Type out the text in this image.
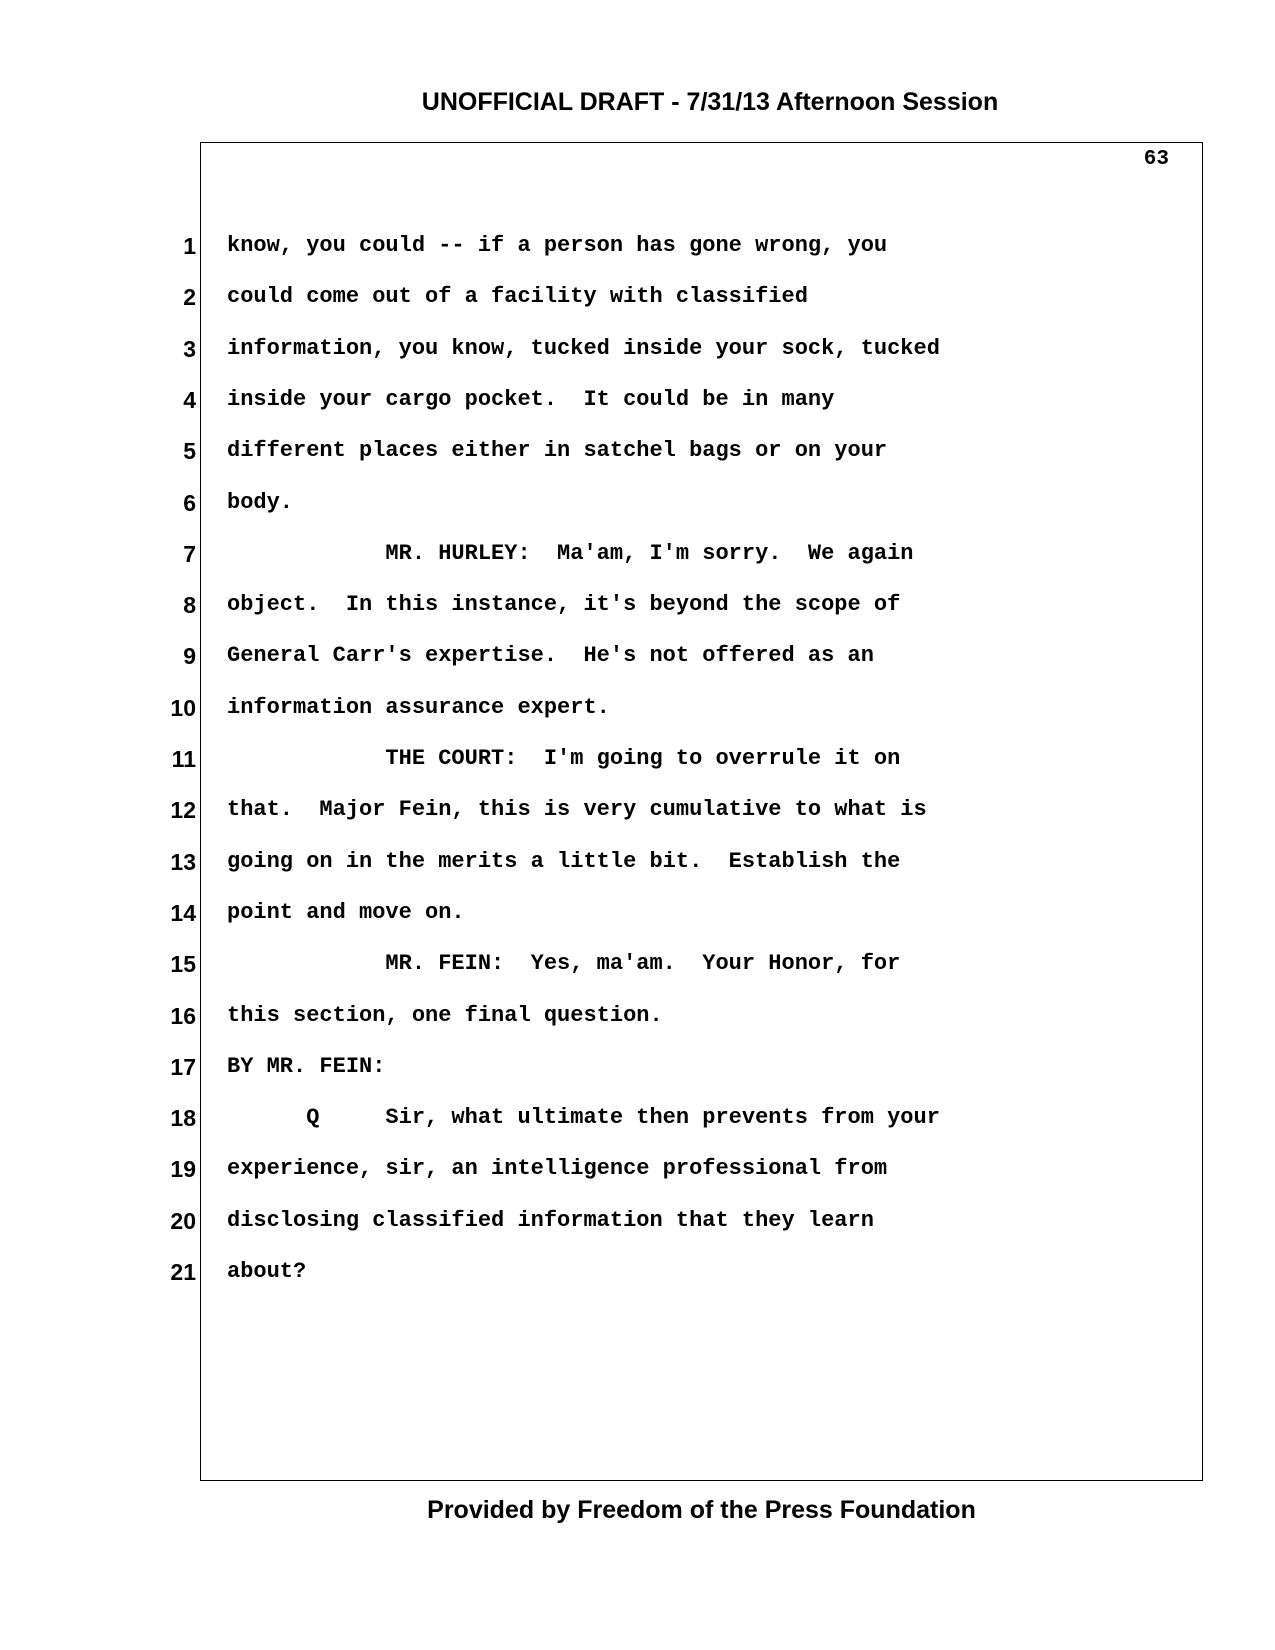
UNOFFICIAL DRAFT - 7/31/13 Afternoon Session
63
1 know, you could -- if a person has gone wrong, you
2 could come out of a facility with classified
3 information, you know, tucked inside your sock, tucked
4 inside your cargo pocket.  It could be in many
5 different places either in satchel bags or on your
6 body.
7 MR. HURLEY:  Ma'am, I'm sorry.  We again
8 object.  In this instance, it's beyond the scope of
9 General Carr's expertise.  He's not offered as an
10 information assurance expert.
11 THE COURT:  I'm going to overrule it on
12 that.  Major Fein, this is very cumulative to what is
13 going on in the merits a little bit.  Establish the
14 point and move on.
15 MR. FEIN:  Yes, ma'am.  Your Honor, for
16 this section, one final question.
17 BY MR. FEIN:
18 Q     Sir, what ultimate then prevents from your
19 experience, sir, an intelligence professional from
20 disclosing classified information that they learn
21 about?
Provided by Freedom of the Press Foundation
